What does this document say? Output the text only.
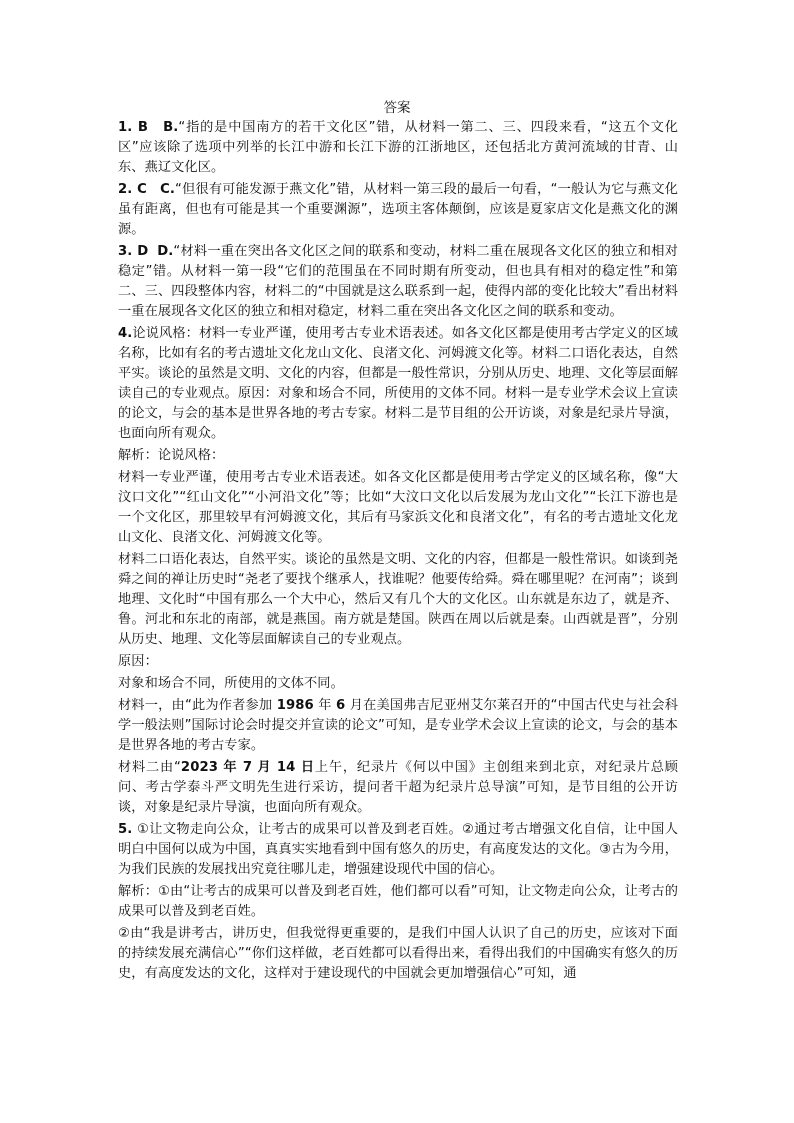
答案

1. B B.“指的是中国南方的若干文化区”错，从材料一第二、三、四段来看，“这五个文化区”应该除了选项中列举的长江中游和长江下游的江浙地区，还包括北方黄河流域的甘青、山东、燕辽文化区。

2. C C.“但很有可能发源于燕文化”错，从材料一第三段的最后一句看，“一般认为它与燕文化虽有距离，但也有可能是其一个重要渊源”，选项主客体颠倒，应该是夏家店文化是燕文化的渊源。

3. D D.“材料一重在突出各文化区之间的联系和变动，材料二重在展现各文化区的独立和相对稳定”错。从材料一第一段“它们的范围虽在不同时期有所变动，但也具有相对的稳定性”和第二、三、四段整体内容，材料二的“中国就是这么联系到一起，使得内部的变化比较大”看出材料一重在展现各文化区的独立和相对稳定，材料二重在突出各文化区之间的联系和变动。

4.论说风格：材料一专业严谨，使用考古专业术语表述。如各文化区都是使用考古学定义的区域名称，比如有名的考古遗址文化龙山文化、良渚文化、河姆渡文化等。材料二口语化表达，自然平实。谈论的虽然是文明、文化的内容，但都是一般性常识，分别从历史、地理、文化等层面解读自己的专业观点。原因：对象和场合不同，所使用的文体不同。材料一是专业学术会议上宣读的论文，与会的基本是世界各地的考古专家。材料二是节目组的公开访谈，对象是纪录片导演，也面向所有观众。

解析：论说风格：

材料一专业严谨，使用考古专业术语表述。如各文化区都是使用考古学定义的区域名称，像“大汶口文化”“红山文化”“小河沿文化”等；比如“大汶口文化以后发展为龙山文化”“长江下游也是一个文化区，那里较早有河姆渡文化，其后有马家浜文化和良渚文化”，有名的考古遗址文化龙山文化、良渚文化、河姆渡文化等。

材料二口语化表达，自然平实。谈论的虽然是文明、文化的内容，但都是一般性常识。如谈到尧舜之间的禅让历史时“尧老了要找个继承人，找谁呢？他要传给舜。舜在哪里呢？在河南”；谈到地理、文化时“中国有那么一个大中心，然后又有几个大的文化区。山东就是东边了，就是齐、鲁。河北和东北的南部，就是燕国。南方就是楚国。陕西在周以后就是秦。山西就是晋”，分别从历史、地理、文化等层面解读自己的专业观点。

原因：

对象和场合不同，所使用的文体不同。

材料一，由“此为作者参加 1986 年 6 月在美国弗吉尼亚州艾尔莱召开的“中国古代史与社会科学一般法则”国际讨论会时提交并宣读的论文”可知，是专业学术会议上宣读的论文，与会的基本是世界各地的考古专家。

材料二由“2023 年 7 月 14 日上午，纪录片《何以中国》主创组来到北京，对纪录片总顾问、考古学泰斗严文明先生进行采访，提问者干超为纪录片总导演”可知，是节目组的公开访谈，对象是纪录片导演，也面向所有观众。

5. ①让文物走向公众，让考古的成果可以普及到老百姓。②通过考古增强文化自信，让中国人明白中国何以成为中国，真真实实地看到中国有悠久的历史，有高度发达的文化。③古为今用，为我们民族的发展找出究竟往哪儿走，增强建设现代中国的信心。

解析：①由“让考古的成果可以普及到老百姓，他们都可以看”可知，让文物走向公众，让考古的成果可以普及到老百姓。

②由“我是讲考古，讲历史，但我觉得更重要的，是我们中国人认识了自己的历史，应该对下面的持续发展充满信心”“你们这样做，老百姓都可以看得出来，看得出我们的中国确实有悠久的历史，有高度发达的文化，这样对于建设现代的中国就会更加增强信心”可知，通
